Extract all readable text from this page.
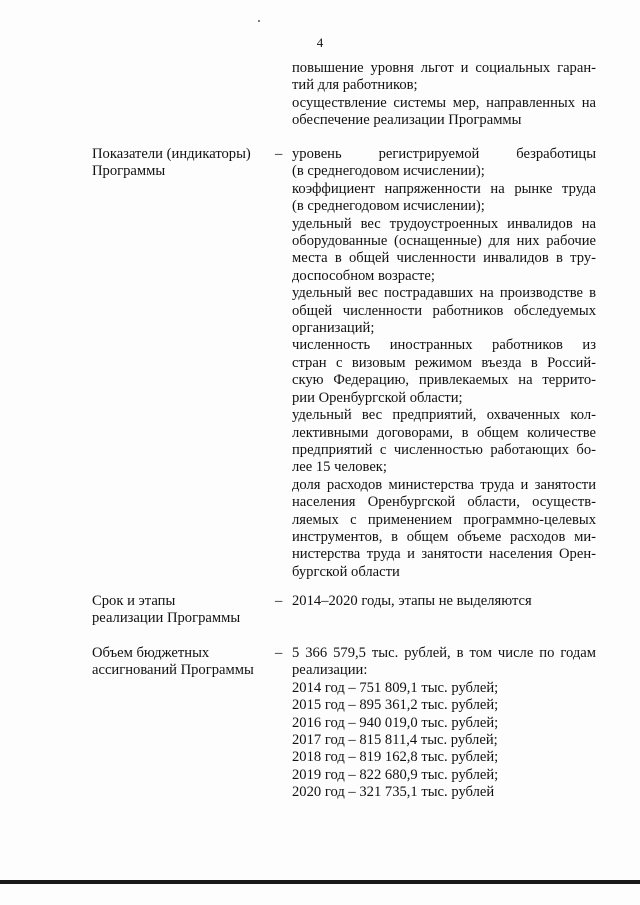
4

повышение уровня льгот и социальных гаран-

тий для работников;

осуществление системы мер, направленных на

обеспечение реализации Программы

Показатели (индикаторы)
Программы
– уровень регистрируемой безработицы

(в среднегодовом исчислении);

коэффициент напряженности на рынке труда

(в среднегодовом исчислении);

удельный вес трудоустроенных инвалидов на

оборудованные (оснащенные) для них рабочие

места в общей численности инвалидов в тру-

доспособном возрасте;

удельный вес пострадавших на производстве в

общей численности работников обследуемых

организаций;

численность иностранных работников из

стран с визовым режимом въезда в Россий-

скую Федерацию, привлекаемых на террито-

рии Оренбургской области;

удельный вес предприятий, охваченных кол-

лективными договорами, в общем количестве

предприятий с численностью работающих бо-

лее 15 человек;

доля расходов министерства труда и занятости

населения Оренбургской области, осуществ-

ляемых с применением программно-целевых

инструментов, в общем объеме расходов ми-

нистерства труда и занятости населения Орен-

бургской области

Срок и этапы
реализации Программы
– 2014–2020 годы, этапы не выделяются

Объем бюджетных
ассигнований Программы
– 5 366 579,5 тыс. рублей, в том числе по годам

реализации:

2014 год – 751 809,1 тыс. рублей;

2015 год – 895 361,2 тыс. рублей;

2016 год – 940 019,0 тыс. рублей;

2017 год – 815 811,4 тыс. рублей;

2018 год – 819 162,8 тыс. рублей;

2019 год – 822 680,9 тыс. рублей;

2020 год – 321 735,1 тыс. рублей
